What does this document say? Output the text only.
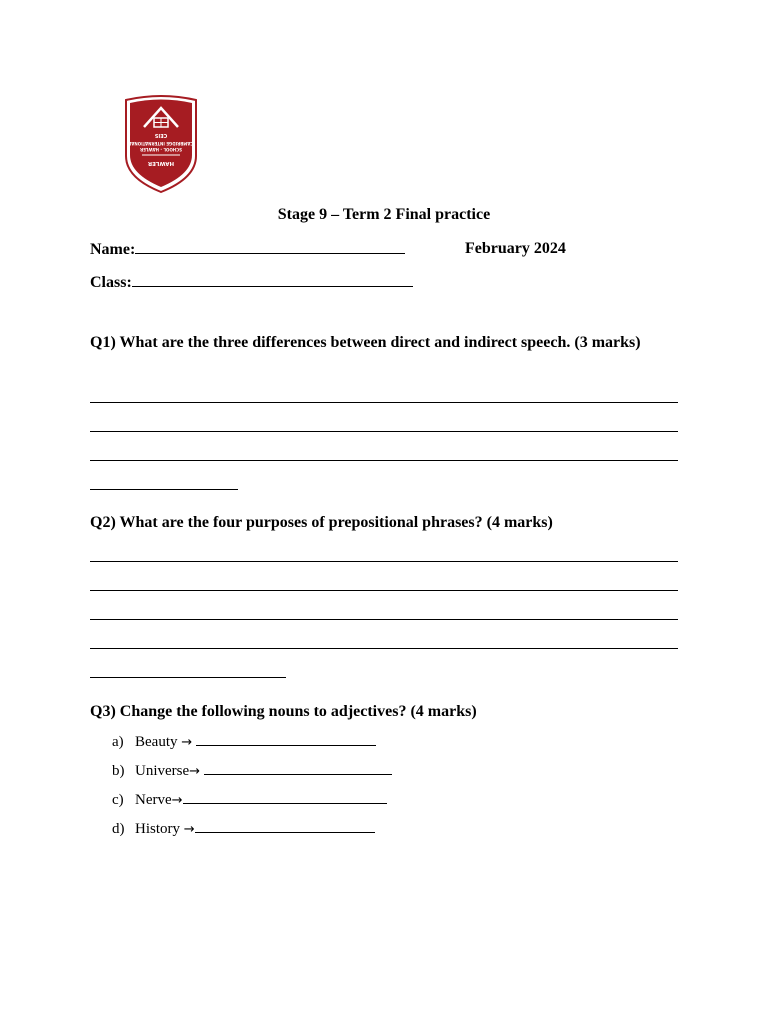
CEIS
CAMBRIDGE INTERNATIONAL
SCHOOL - HAWLER
HAWLER
Stage 9 – Term 2 Final practice
Name:	February 2024
Class:
Q1) What are the three differences between direct and indirect speech. (3 marks)
Q2) What are the four purposes of prepositional phrases? (4 marks)
Q3) Change the following nouns to adjectives? (4 marks)
a) Beauty →
b) Universe→
c) Nerve→
d) History →
